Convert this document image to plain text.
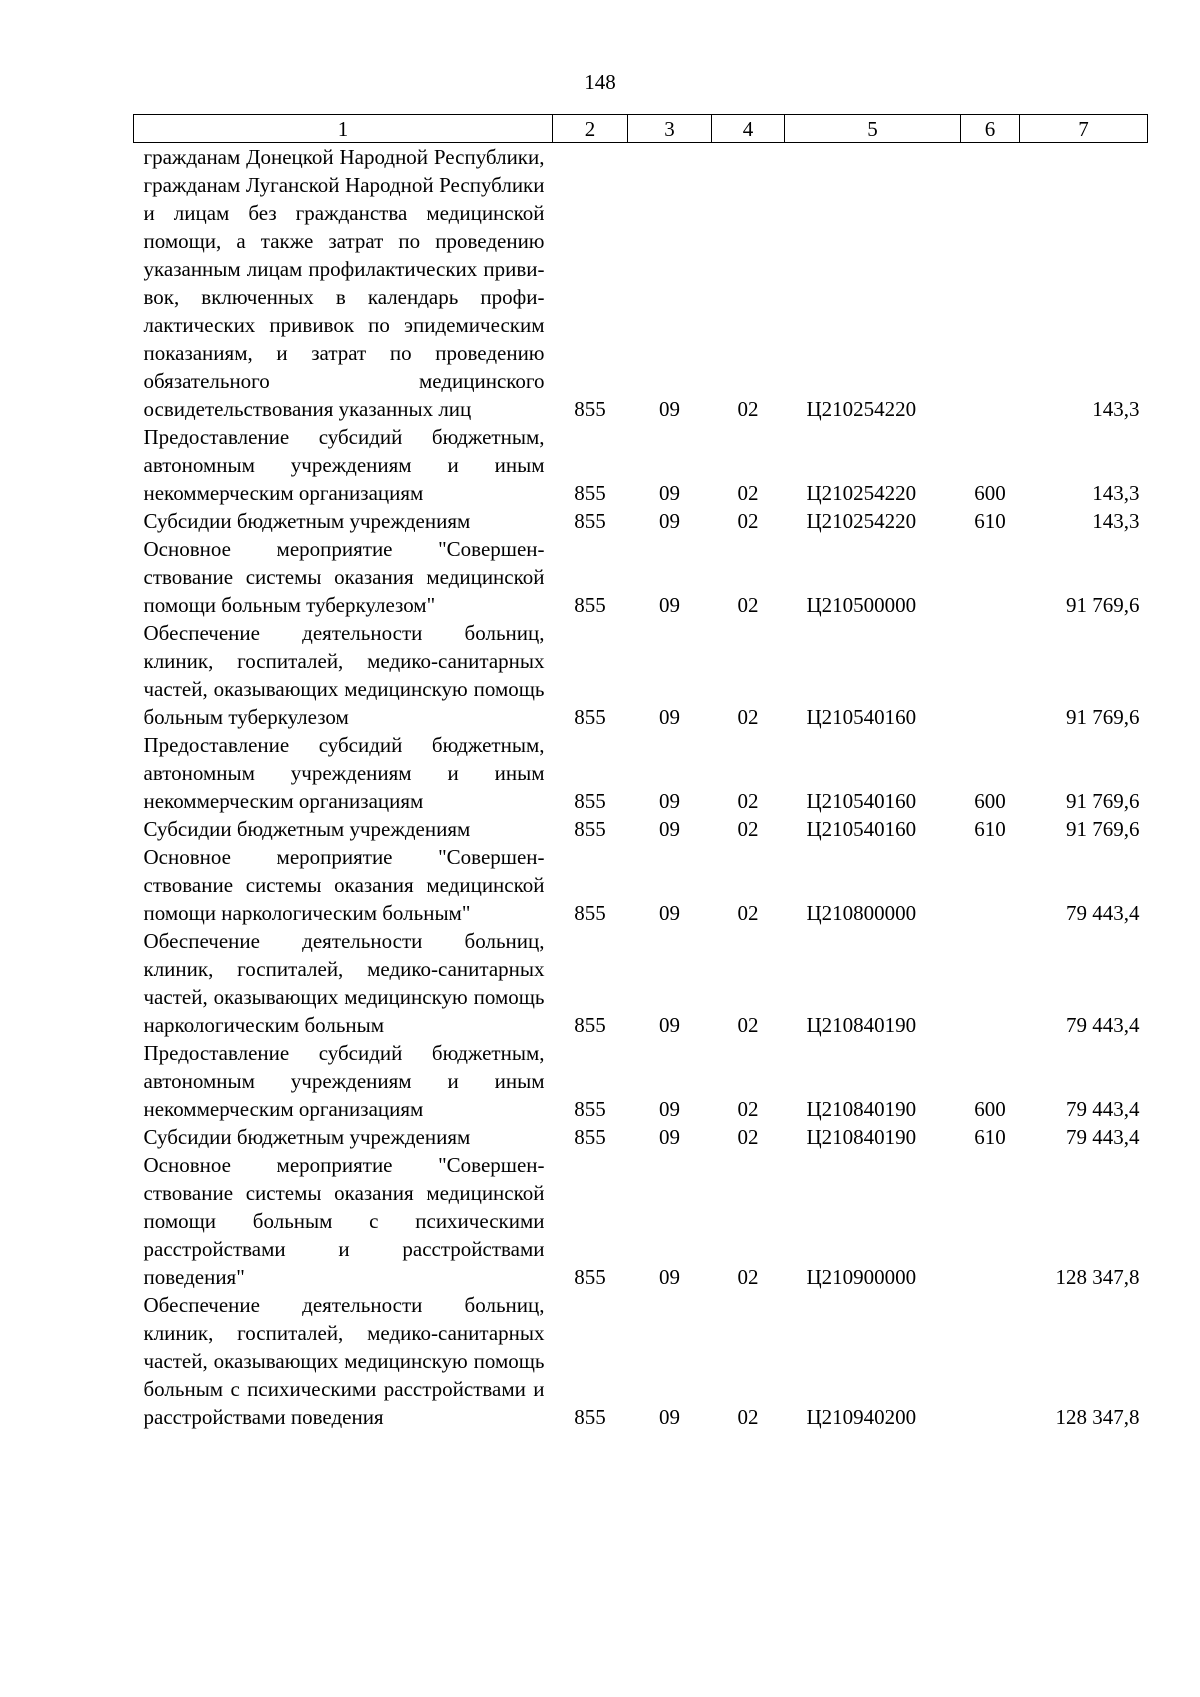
148
1	2	3	4	5	6	7
гражданам Донецкой Народной Республики, гражданам Луганской Народной Республики и лицам без гражданства медицинской помощи, а также затрат по проведению указанным лицам профилактических прививок, включенных в календарь профилактических прививок по эпидемическим показаниям, и затрат по проведению обязательного медицинского освидетельствования указанных лиц	855	09	02	Ц210254220		143,3
Предоставление субсидий бюджетным, автономным учреждениям и иным некоммерческим организациям	855	09	02	Ц210254220	600	143,3
Субсидии бюджетным учреждениям	855	09	02	Ц210254220	610	143,3
Основное мероприятие "Совершенствование системы оказания медицинской помощи больным туберкулезом"	855	09	02	Ц210500000		91 769,6
Обеспечение деятельности больниц, клиник, госпиталей, медико-санитарных частей, оказывающих медицинскую помощь больным туберкулезом	855	09	02	Ц210540160		91 769,6
Предоставление субсидий бюджетным, автономным учреждениям и иным некоммерческим организациям	855	09	02	Ц210540160	600	91 769,6
Субсидии бюджетным учреждениям	855	09	02	Ц210540160	610	91 769,6
Основное мероприятие "Совершенствование системы оказания медицинской помощи наркологическим больным"	855	09	02	Ц210800000		79 443,4
Обеспечение деятельности больниц, клиник, госпиталей, медико-санитарных частей, оказывающих медицинскую помощь наркологическим больным	855	09	02	Ц210840190		79 443,4
Предоставление субсидий бюджетным, автономным учреждениям и иным некоммерческим организациям	855	09	02	Ц210840190	600	79 443,4
Субсидии бюджетным учреждениям	855	09	02	Ц210840190	610	79 443,4
Основное мероприятие "Совершенствование системы оказания медицинской помощи больным с психическими расстройствами и расстройствами поведения"	855	09	02	Ц210900000		128 347,8
Обеспечение деятельности больниц, клиник, госпиталей, медико-санитарных частей, оказывающих медицинскую помощь больным с психическими расстройствами и расстройствами поведения	855	09	02	Ц210940200		128 347,8
